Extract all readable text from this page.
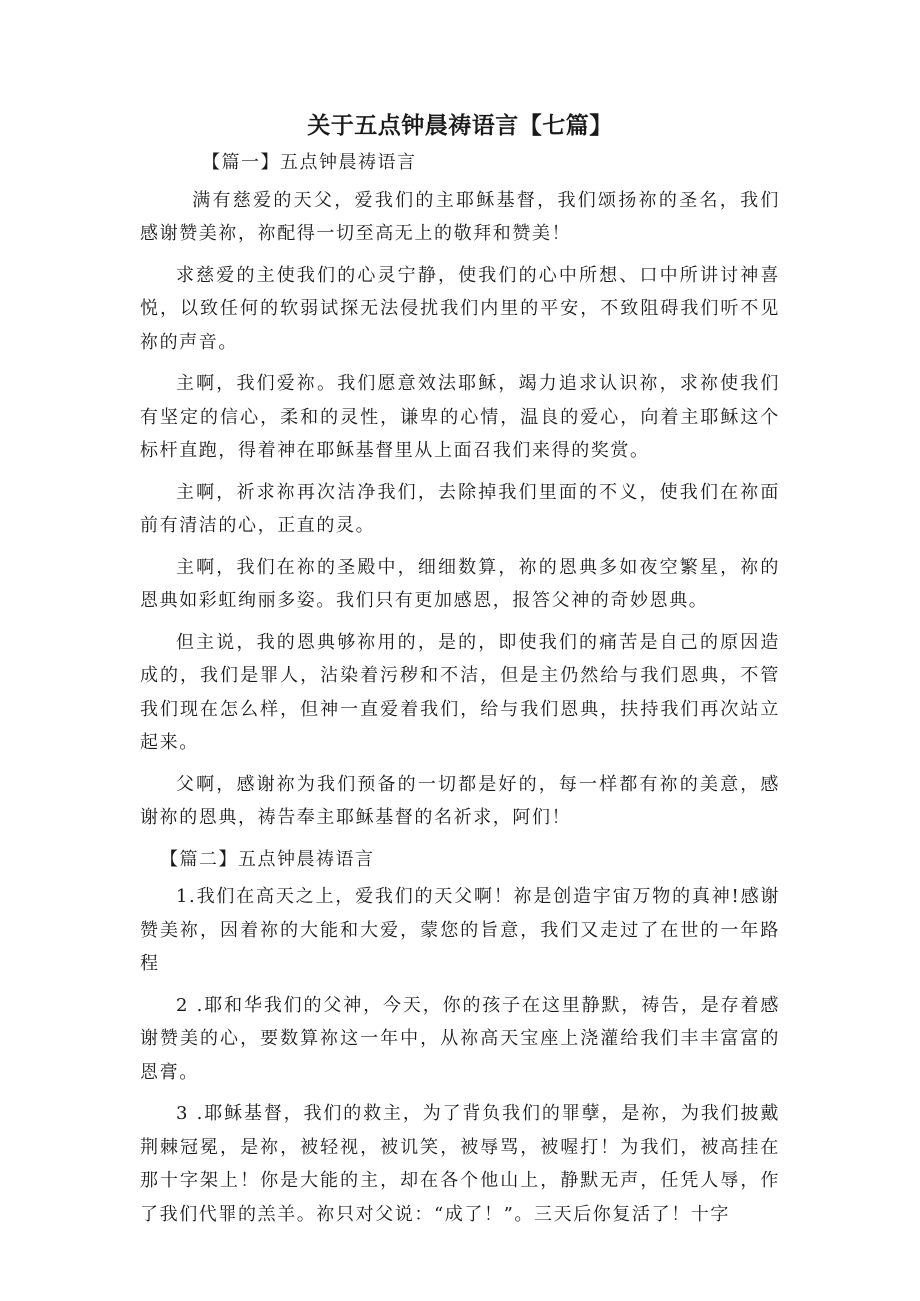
关于五点钟晨祷语言【七篇】
【篇一】五点钟晨祷语言

满有慈爱的天父，爱我们的主耶稣基督，我们颂扬祢的圣名，我们感谢赞美祢，祢配得一切至高无上的敬拜和赞美！

求慈爱的主使我们的心灵宁静，使我们的心中所想、口中所讲讨神喜悦，以致任何的软弱试探无法侵扰我们内里的平安，不致阻碍我们听不见祢的声音。

主啊，我们爱祢。我们愿意效法耶稣，竭力追求认识祢，求祢使我们有坚定的信心，柔和的灵性，谦卑的心情，温良的爱心，向着主耶稣这个标杆直跑，得着神在耶稣基督里从上面召我们来得的奖赏。

主啊，祈求祢再次洁净我们，去除掉我们里面的不义，使我们在祢面前有清洁的心，正直的灵。

主啊，我们在祢的圣殿中，细细数算，祢的恩典多如夜空繁星，祢的恩典如彩虹绚丽多姿。我们只有更加感恩，报答父神的奇妙恩典。

但主说，我的恩典够祢用的，是的，即使我们的痛苦是自己的原因造成的，我们是罪人，沾染着污秽和不洁，但是主仍然给与我们恩典，不管我们现在怎么样，但神一直爱着我们，给与我们恩典，扶持我们再次站立起来。

父啊，感谢祢为我们预备的一切都是好的，每一样都有祢的美意，感谢祢的恩典，祷告奉主耶稣基督的名祈求，阿们！

【篇二】五点钟晨祷语言

1.我们在高天之上，爱我们的天父啊！祢是创造宇宙万物的真神!感谢赞美祢，因着祢的大能和大爱，蒙您的旨意，我们又走过了在世的一年路程

2 .耶和华我们的父神，今天，你的孩子在这里静默，祷告，是存着感谢赞美的心，要数算祢这一年中，从祢高天宝座上浇灌给我们丰丰富富的恩膏。

3 .耶稣基督，我们的救主，为了背负我们的罪孽，是祢，为我们披戴荆棘冠冕，是祢，被轻视，被讥笑，被辱骂，被喔打！为我们，被高挂在那十字架上！你是大能的主，却在各个他山上，静默无声，任凭人辱，作了我们代罪的羔羊。祢只对父说：“成了！”。三天后你复活了！十字
